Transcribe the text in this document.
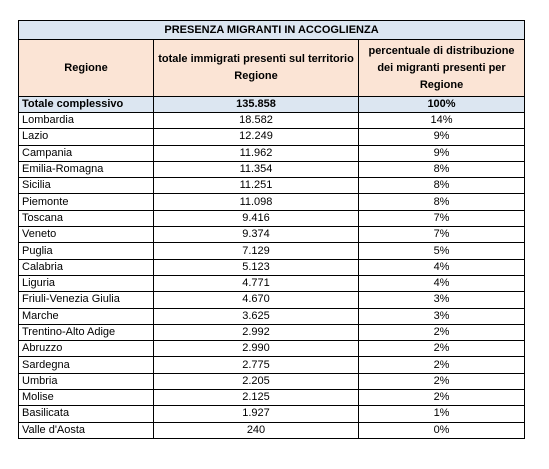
PRESENZA MIGRANTI IN ACCOGLIENZA		
Regione	totale immigrati presenti sul territorio Regione	percentuale di distribuzione dei migranti presenti per Regione
Totale complessivo	135.858	100%
Lombardia	18.582	14%
Lazio	12.249	9%
Campania	11.962	9%
Emilia-Romagna	11.354	8%
Sicilia	11.251	8%
Piemonte	11.098	8%
Toscana	9.416	7%
Veneto	9.374	7%
Puglia	7.129	5%
Calabria	5.123	4%
Liguria	4.771	4%
Friuli-Venezia Giulia	4.670	3%
Marche	3.625	3%
Trentino-Alto Adige	2.992	2%
Abruzzo	2.990	2%
Sardegna	2.775	2%
Umbria	2.205	2%
Molise	2.125	2%
Basilicata	1.927	1%
Valle d'Aosta	240	0%
